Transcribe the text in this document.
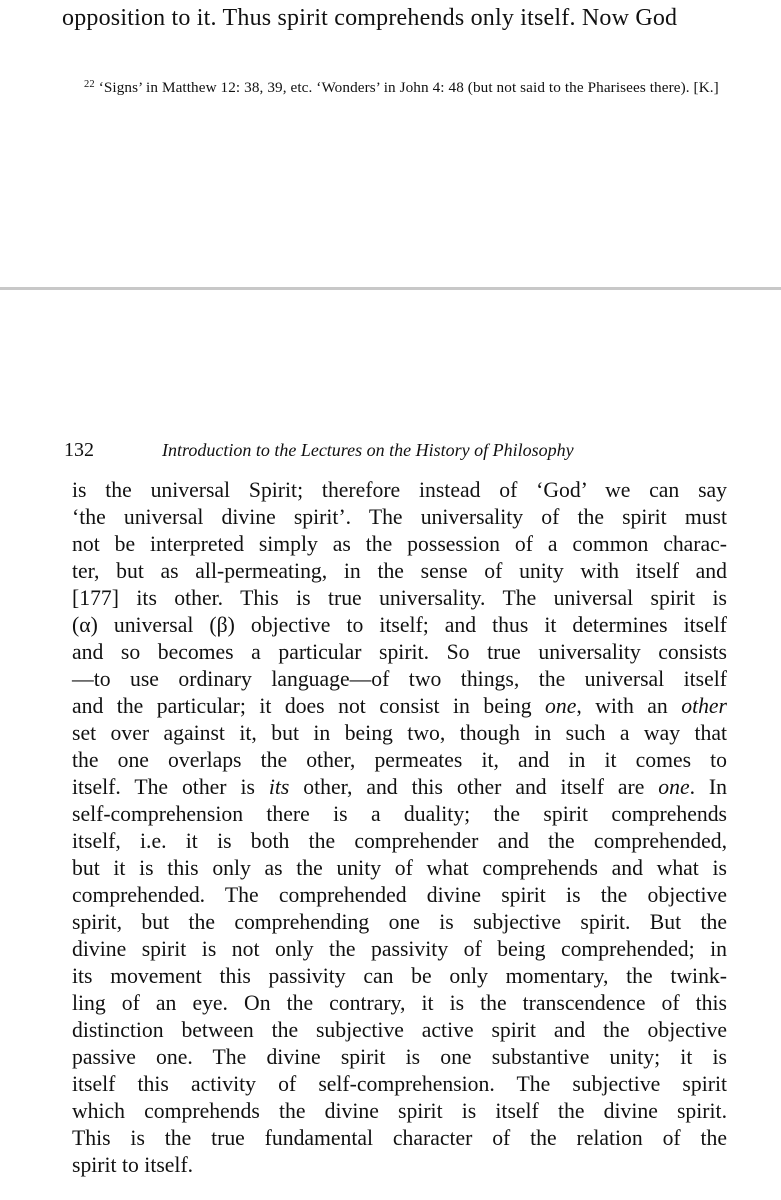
opposition to it. Thus spirit comprehends only itself. Now God
$^{22}$ ‘Signs’ in Matthew 12: 38, 39, etc. ‘Wonders’ in John 4: 48 (but not said to the Pharisees there). [K.]
132	Introduction to the Lectures on the History of Philosophy
is the universal Spirit; therefore instead of ‘God’ we can say
‘the universal divine spirit’. The universality of the spirit must
not be interpreted simply as the possession of a common charac-
ter, but as all-permeating, in the sense of unity with itself and
[177] its other. This is true universality. The universal spirit is
(α) universal (β) objective to itself; and thus it determines itself
and so becomes a particular spirit. So true universality consists
—to use ordinary language—of two things, the universal itself
and the particular; it does not consist in being one, with an other
set over against it, but in being two, though in such a way that
the one overlaps the other, permeates it, and in it comes to
itself. The other is its other, and this other and itself are one. In
self-comprehension there is a duality; the spirit comprehends
itself, i.e. it is both the comprehender and the comprehended,
but it is this only as the unity of what comprehends and what is
comprehended. The comprehended divine spirit is the objective
spirit, but the comprehending one is subjective spirit. But the
divine spirit is not only the passivity of being comprehended; in
its movement this passivity can be only momentary, the twink-
ling of an eye. On the contrary, it is the transcendence of this
distinction between the subjective active spirit and the objective
passive one. The divine spirit is one substantive unity; it is
itself this activity of self-comprehension. The subjective spirit
which comprehends the divine spirit is itself the divine spirit.
This is the true fundamental character of the relation of the
spirit to itself.
